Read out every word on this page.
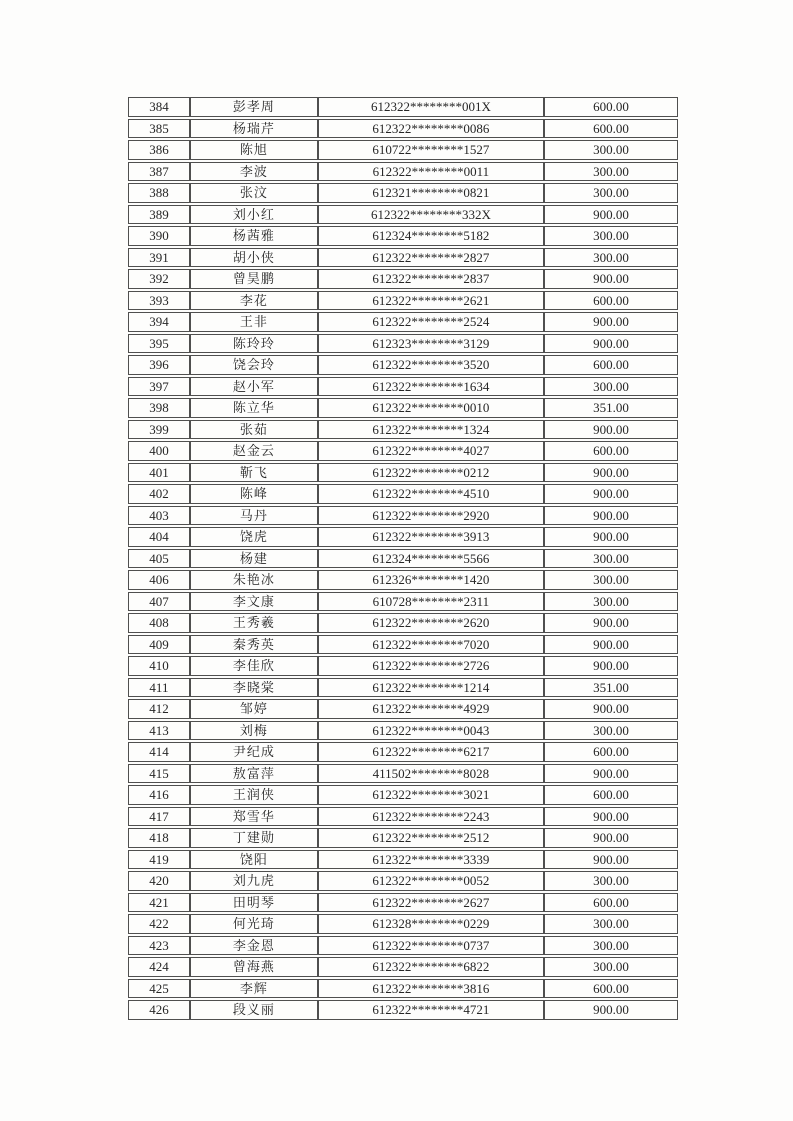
384	彭孝周	612322********001X	600.00
385	杨瑞芹	612322********0086	600.00
386	陈旭	610722********1527	300.00
387	李波	612322********0011	300.00
388	张汶	612321********0821	300.00
389	刘小红	612322********332X	900.00
390	杨茜雅	612324********5182	300.00
391	胡小侠	612322********2827	300.00
392	曾昊鹏	612322********2837	900.00
393	李花	612322********2621	600.00
394	王非	612322********2524	900.00
395	陈玲玲	612323********3129	900.00
396	饶会玲	612322********3520	600.00
397	赵小军	612322********1634	300.00
398	陈立华	612322********0010	351.00
399	张茹	612322********1324	900.00
400	赵金云	612322********4027	600.00
401	靳飞	612322********0212	900.00
402	陈峰	612322********4510	900.00
403	马丹	612322********2920	900.00
404	饶虎	612322********3913	900.00
405	杨建	612324********5566	300.00
406	朱艳冰	612326********1420	300.00
407	李文康	610728********2311	300.00
408	王秀羲	612322********2620	900.00
409	秦秀英	612322********7020	900.00
410	李佳欣	612322********2726	900.00
411	李晓棠	612322********1214	351.00
412	邹婷	612322********4929	900.00
413	刘梅	612322********0043	300.00
414	尹纪成	612322********6217	600.00
415	敖富萍	411502********8028	900.00
416	王润侠	612322********3021	600.00
417	郑雪华	612322********2243	900.00
418	丁建勋	612322********2512	900.00
419	饶阳	612322********3339	900.00
420	刘九虎	612322********0052	300.00
421	田明琴	612322********2627	600.00
422	何光琦	612328********0229	300.00
423	李金恩	612322********0737	300.00
424	曾海燕	612322********6822	300.00
425	李辉	612322********3816	600.00
426	段义丽	612322********4721	900.00
